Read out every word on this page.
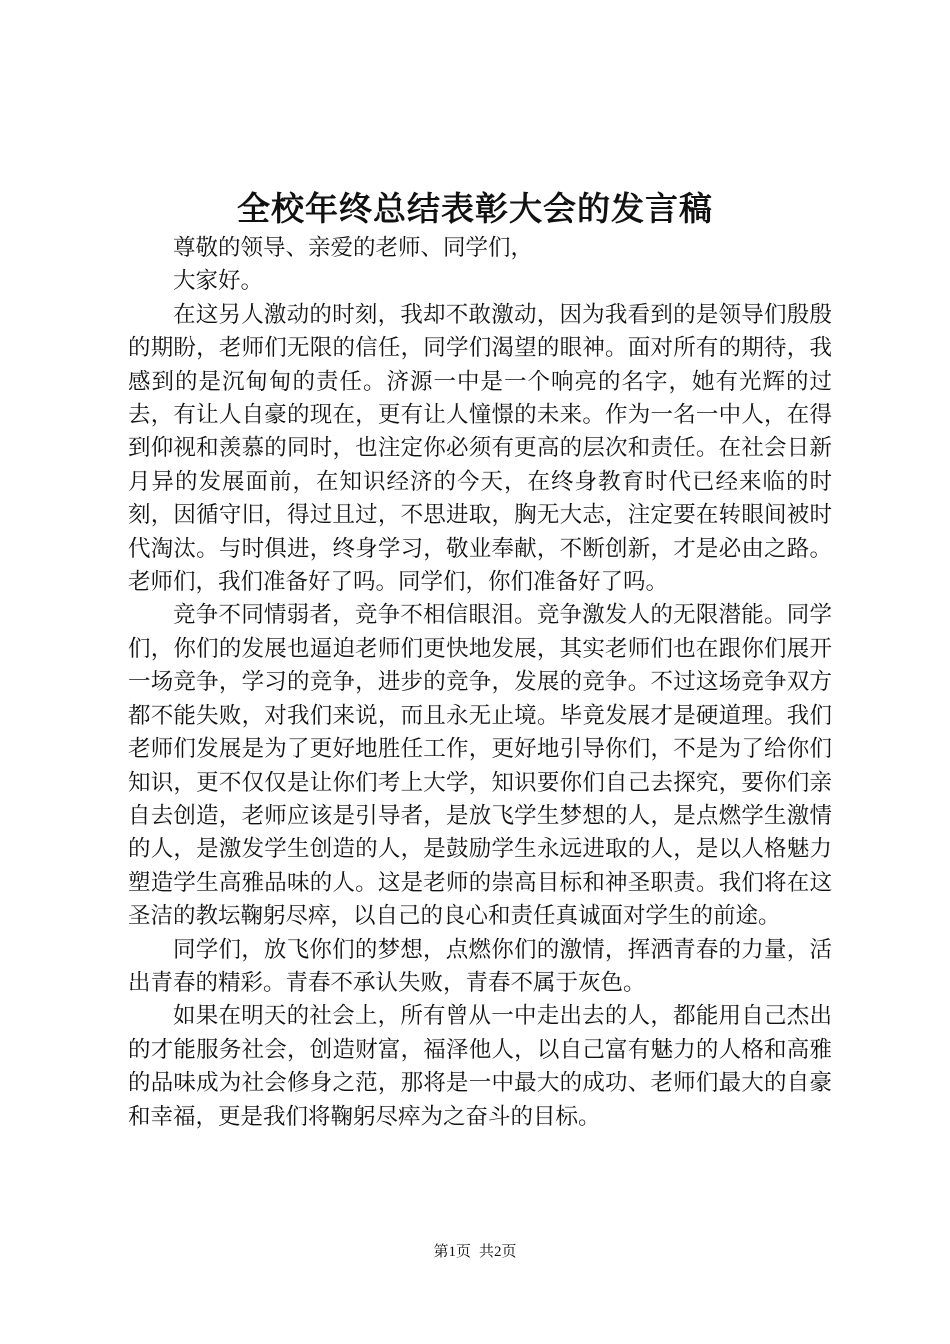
全校年终总结表彰大会的发言稿

尊敬的领导、亲爱的老师、同学们，

大家好。

在这另人激动的时刻，我却不敢激动，因为我看到的是领导们殷殷的期盼，老师们无限的信任，同学们渴望的眼神。面对所有的期待，我感到的是沉甸甸的责任。济源一中是一个响亮的名字，她有光辉的过去，有让人自豪的现在，更有让人憧憬的未来。作为一名一中人，在得到仰视和羡慕的同时，也注定你必须有更高的层次和责任。在社会日新月异的发展面前，在知识经济的今天，在终身教育时代已经来临的时刻，因循守旧，得过且过，不思进取，胸无大志，注定要在转眼间被时代淘汰。与时俱进，终身学习，敬业奉献，不断创新，才是必由之路。老师们，我们准备好了吗。同学们，你们准备好了吗。

竞争不同情弱者，竞争不相信眼泪。竞争激发人的无限潜能。同学们，你们的发展也逼迫老师们更快地发展，其实老师们也在跟你们展开一场竞争，学习的竞争，进步的竞争，发展的竞争。不过这场竞争双方都不能失败，对我们来说，而且永无止境。毕竟发展才是硬道理。我们老师们发展是为了更好地胜任工作，更好地引导你们，不是为了给你们知识，更不仅仅是让你们考上大学，知识要你们自己去探究，要你们亲自去创造，老师应该是引导者，是放飞学生梦想的人，是点燃学生激情的人，是激发学生创造的人，是鼓励学生永远进取的人，是以人格魅力塑造学生高雅品味的人。这是老师的崇高目标和神圣职责。我们将在这圣洁的教坛鞠躬尽瘁，以自己的良心和责任真诚面对学生的前途。

同学们，放飞你们的梦想，点燃你们的激情，挥洒青春的力量，活出青春的精彩。青春不承认失败，青春不属于灰色。

如果在明天的社会上，所有曾从一中走出去的人，都能用自己杰出的才能服务社会，创造财富，福泽他人，以自己富有魅力的人格和高雅的品味成为社会修身之范，那将是一中最大的成功、老师们最大的自豪和幸福，更是我们将鞠躬尽瘁为之奋斗的目标。

第1页 共2页
